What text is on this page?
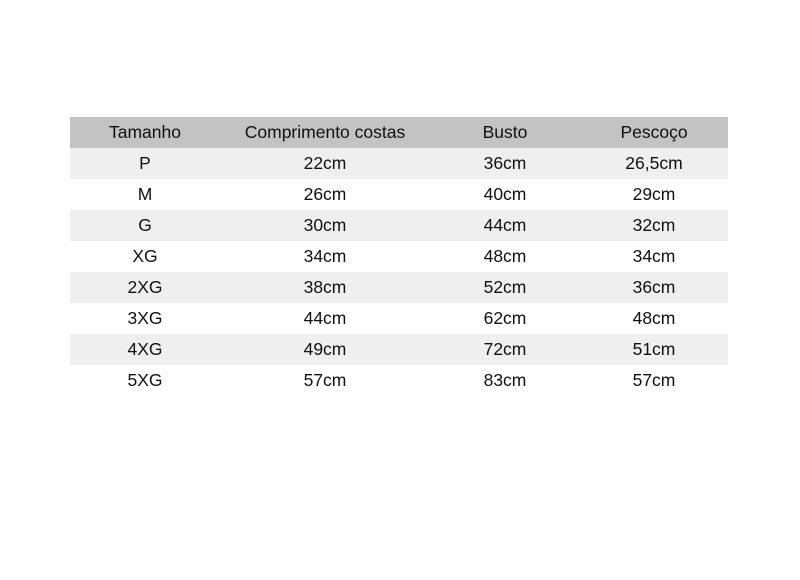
Tamanho	Comprimento costas	Busto	Pescoço
P	22cm	36cm	26,5cm
M	26cm	40cm	29cm
G	30cm	44cm	32cm
XG	34cm	48cm	34cm
2XG	38cm	52cm	36cm
3XG	44cm	62cm	48cm
4XG	49cm	72cm	51cm
5XG	57cm	83cm	57cm
